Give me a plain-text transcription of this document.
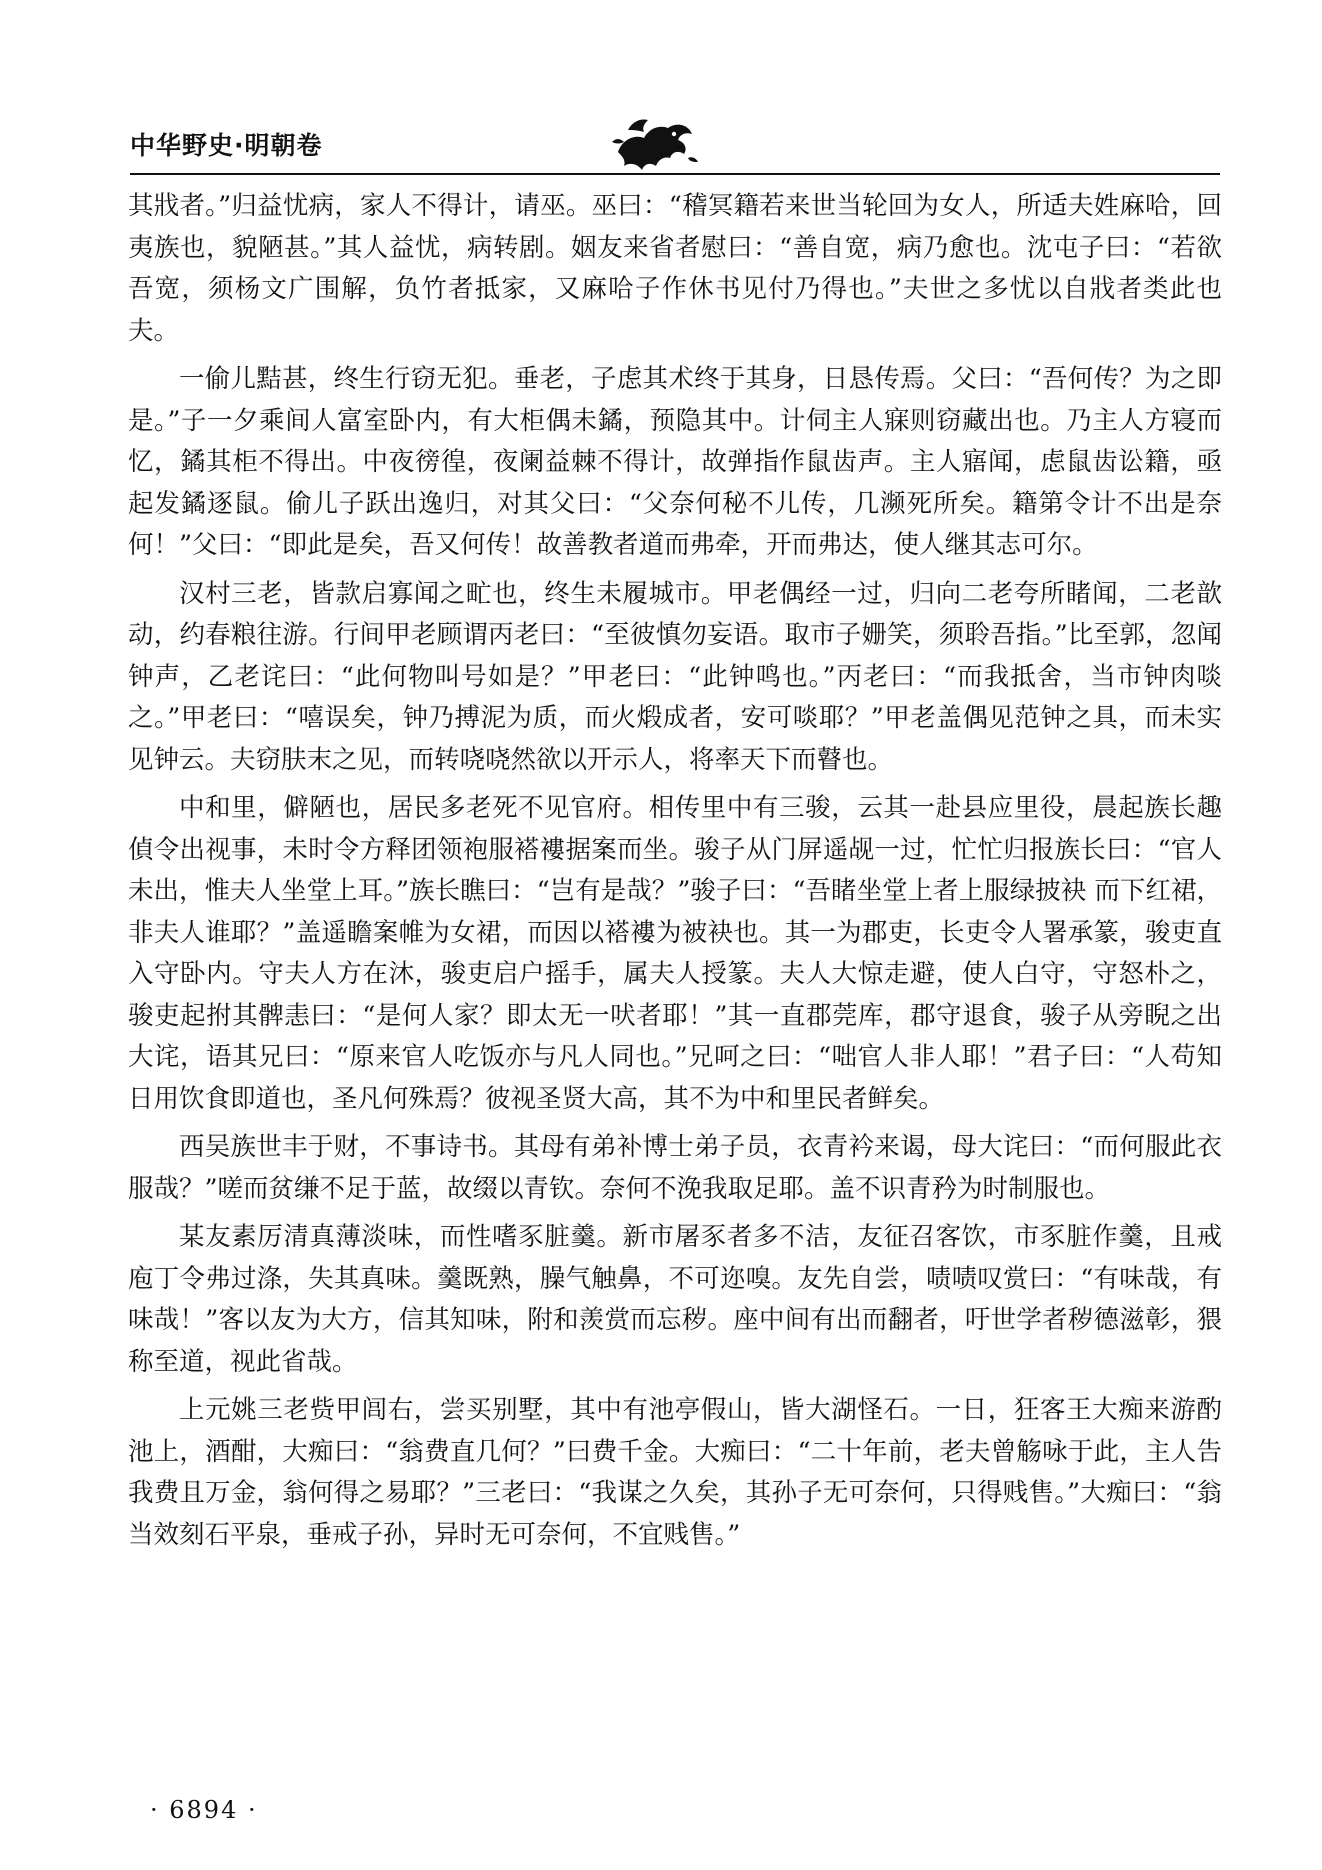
中华野史·明朝卷

其戕者。”归益忧病，家人不得计，请巫。巫曰：“稽冥籍若来世当轮回为女人，所适夫姓麻哈，回夷族也，貌陋甚。”其人益忧，病转剧。姻友来省者慰曰：“善自宽，病乃愈也。沈屯子曰：“若欲吾宽，须杨文广围解，负竹者抵家，又麻哈子作休书见付乃得也。”夫世之多忧以自戕者类此也夫。

一偷儿黠甚，终生行窃无犯。垂老，子虑其术终于其身，日恳传焉。父曰：“吾何传？为之即是。”子一夕乘间人富室卧内，有大柜偶未鐍，预隐其中。计伺主人寐则窃藏出也。乃主人方寝而忆，鐍其柜不得出。中夜徬徨，夜阑益棘不得计，故弹指作鼠齿声。主人寤闻，虑鼠齿讼籍，亟起发鐍逐鼠。偷儿子跃出逸归，对其父曰：“父奈何秘不儿传，几濒死所矣。籍第令计不出是奈何！”父曰：“即此是矣，吾又何传！故善教者道而弗牵，开而弗达，使人继其志可尔。

汉村三老，皆款启寡闻之甿也，终生未履城市。甲老偶经一过，归向二老夸所睹闻，二老歆动，约春粮往游。行间甲老顾谓丙老曰：“至彼慎勿妄语。取市子姗笑，须聆吾指。”比至郭，忽闻钟声，乙老诧曰：“此何物叫号如是？”甲老曰：“此钟鸣也。”丙老曰：“而我抵舍，当市钟肉啖之。”甲老曰：“嘻误矣，钟乃搏泥为质，而火煅成者，安可啖耶？”甲老盖偶见范钟之具，而未实见钟云。夫窃肤末之见，而转哓哓然欲以开示人，将率天下而瞽也。

中和里，僻陋也，居民多老死不见官府。相传里中有三骏，云其一赴县应里役，晨起族长趣偵令出视事，未时令方释团领袍服褡褸据案而坐。骏子从门屏遥觇一过，忙忙归报族长曰：“官人未出，惟夫人坐堂上耳。”族长瞧曰：“岂有是哉？”骏子曰：“吾睹坐堂上者上服绿披袂 而下红裙，非夫人谁耶？”盖遥瞻案帷为女裙，而因以褡褸为被袂也。其一为郡吏，长吏令人署承篆，骏吏直入守卧内。守夫人方在沐，骏吏启户摇手，属夫人授篆。夫人大惊走避，使人白守，守怒朴之，骏吏起拊其髀恚曰：“是何人家？即太无一吠者耶！”其一直郡莞库，郡守退食，骏子从旁睨之出大诧，语其兄曰：“原来官人吃饭亦与凡人同也。”兄呵之曰：“咄官人非人耶！”君子曰：“人苟知日用饮食即道也，圣凡何殊焉？彼视圣贤大高，其不为中和里民者鲜矣。

西吴族世丰于财，不事诗书。其母有弟补博士弟子员，衣青衿来谒，母大诧曰：“而何服此衣服哉？”嗟而贫缣不足于蓝，故缀以青钦。奈何不浼我取足耶。盖不识青矜为时制服也。

某友素厉清真薄淡味，而性嗜豕脏羹。新市屠豕者多不洁，友征召客饮，市豕脏作羹，且戒庖丁令弗过涤，失其真味。羹既熟，臊气触鼻，不可迩嗅。友先自尝，啧啧叹赏曰：“有味哉，有味哉！”客以友为大方，信其知味，附和羡赏而忘秽。座中间有出而翻者，吁世学者秽德滋彰，猥称至道，视此省哉。

上元姚三老赀甲闾右，尝买别墅，其中有池亭假山，皆大湖怪石。一日，狂客王大痴来游酌池上，酒酣，大痴曰：“翁费直几何？”曰费千金。大痴曰：“二十年前，老夫曾觞咏于此，主人告我费且万金，翁何得之易耶？”三老曰：“我谋之久矣，其孙子无可奈何，只得贱售。”大痴曰：“翁当效刻石平泉，垂戒子孙，异时无可奈何，不宜贱售。”

· 6894 ·
